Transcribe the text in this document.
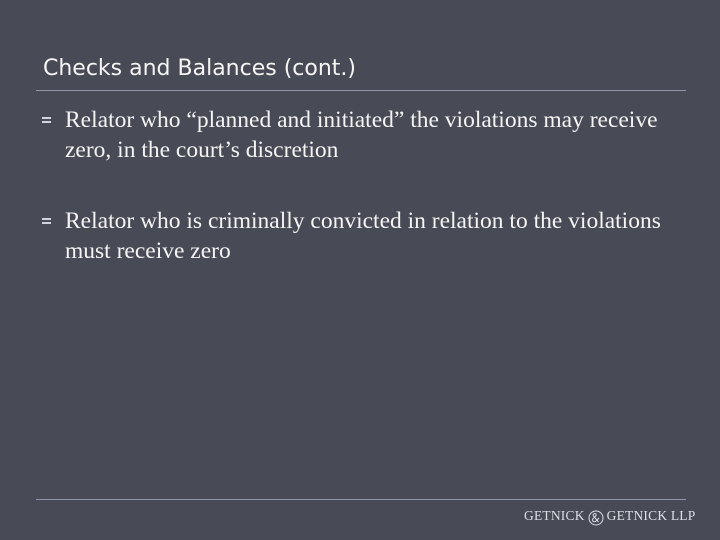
Checks and Balances (cont.)
Relator who “planned and initiated” the violations may receive zero, in the court’s discretion
Relator who is criminally convicted in relation to the violations must receive zero
GETNICK GETNICK LLP
